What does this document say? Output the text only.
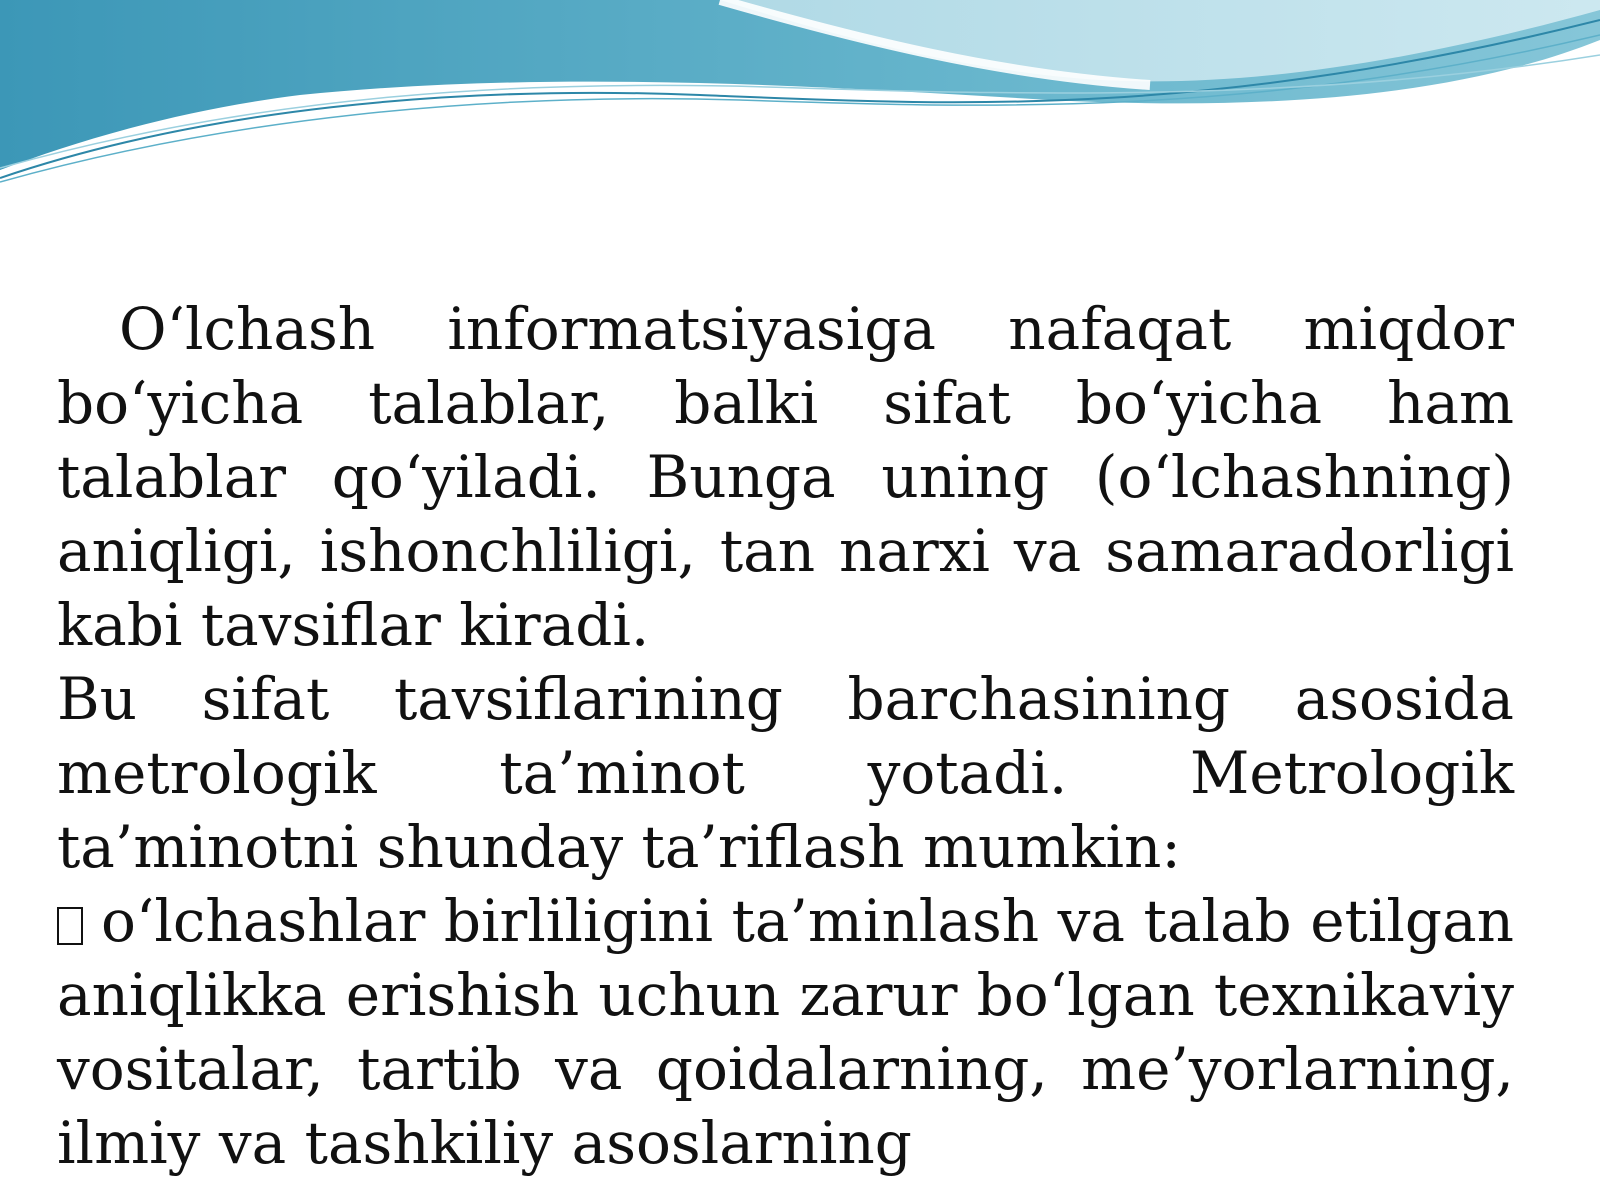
O‘lchash informatsiyasiga nafaqat miqdor bo‘yicha talablar, balki sifat bo‘yicha ham talablar qo‘yiladi. Bunga uning (o‘lchashning) aniqligi, ishonchliligi, tan narxi va samaradorligi kabi tavsiflar kiradi.

Bu sifat tavsiflarining barchasining asosida metrologik ta’minot yotadi. Metrologik ta’minotni shunday ta’riflash mumkin:

o‘lchashlar birliligini ta’minlash va talab etilgan aniqlikka erishish uchun zarur bo‘lgan texnikaviy vositalar, tartib va qoidalarning, me’yorlarning, ilmiy va tashkiliy asoslarning
